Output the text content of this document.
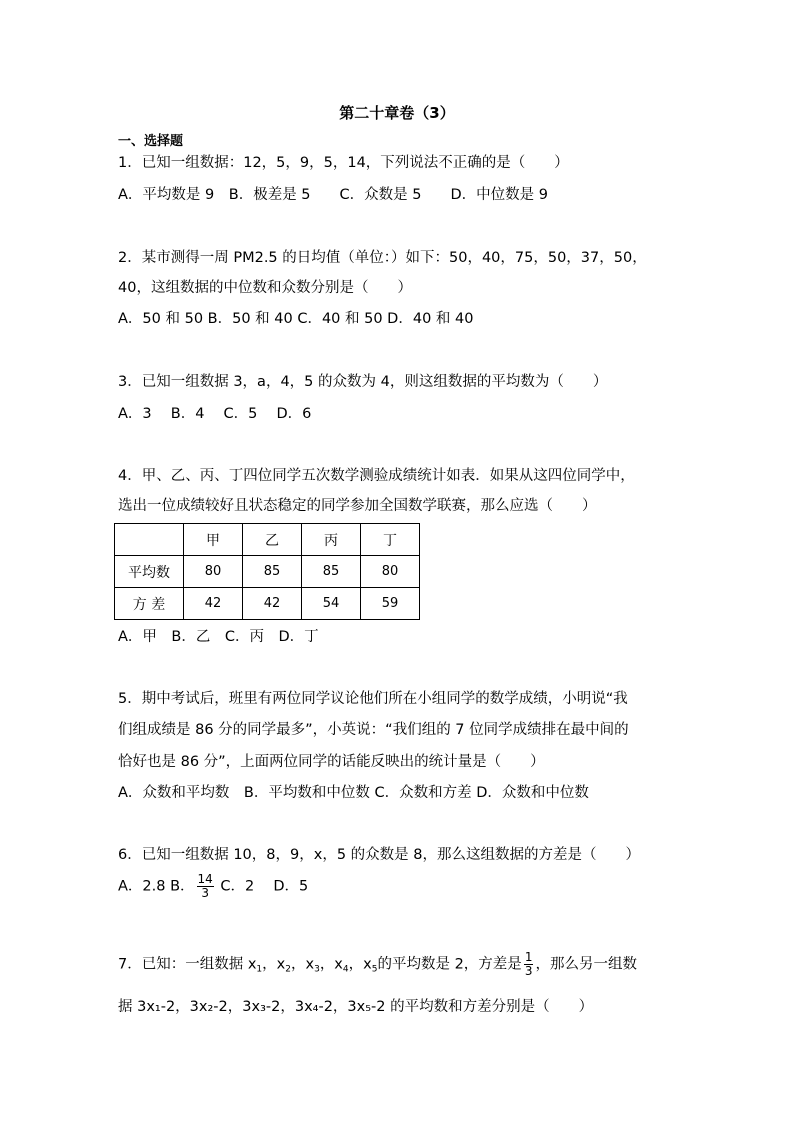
第二十章卷（3）
一、选择题
1．已知一组数据：12，5，9，5，14，下列说法不正确的是（　　）
A．平均数是 9　B．极差是 5　　C．众数是 5　　D．中位数是 9
2．某市测得一周 PM2.5 的日均值（单位：）如下：50，40，75，50，37，50，
40，这组数据的中位数和众数分别是（　　）
A．50 和 50 B．50 和 40 C．40 和 50 D．40 和 40
3．已知一组数据 3，a，4，5 的众数为 4，则这组数据的平均数为（　　）
A．3　 B．4　 C．5　 D．6
4．甲、乙、丙、丁四位同学五次数学测验成绩统计如表．如果从这四位同学中，
选出一位成绩较好且状态稳定的同学参加全国数学联赛，那么应选（　　）
	甲	乙	丙	丁
平均数	80	85	85	80
方 差	42	42	54	59
A．甲　B．乙　C．丙　D．丁
5．期中考试后，班里有两位同学议论他们所在小组同学的数学成绩，小明说“我
们组成绩是 86 分的同学最多”，小英说：“我们组的 7 位同学成绩排在最中间的
恰好也是 86 分”，上面两位同学的话能反映出的统计量是（　　）
A．众数和平均数　B．平均数和中位数 C．众数和方差 D．众数和中位数
6．已知一组数据 10，8，9，x，5 的众数是 8，那么这组数据的方差是（　　）
A．2.8 B． $\frac{14}{3}$ C．2　 D．5
7．已知：一组数据 $x_1$，$x_2$，$x_3$，$x_4$，$x_5$的平均数是 2，方差是 $\frac{1}{3}$ ，那么另一组数
据 3x₁-2，3x₂-2，3x₃-2，3x₄-2，3x₅-2 的平均数和方差分别是（　　）
